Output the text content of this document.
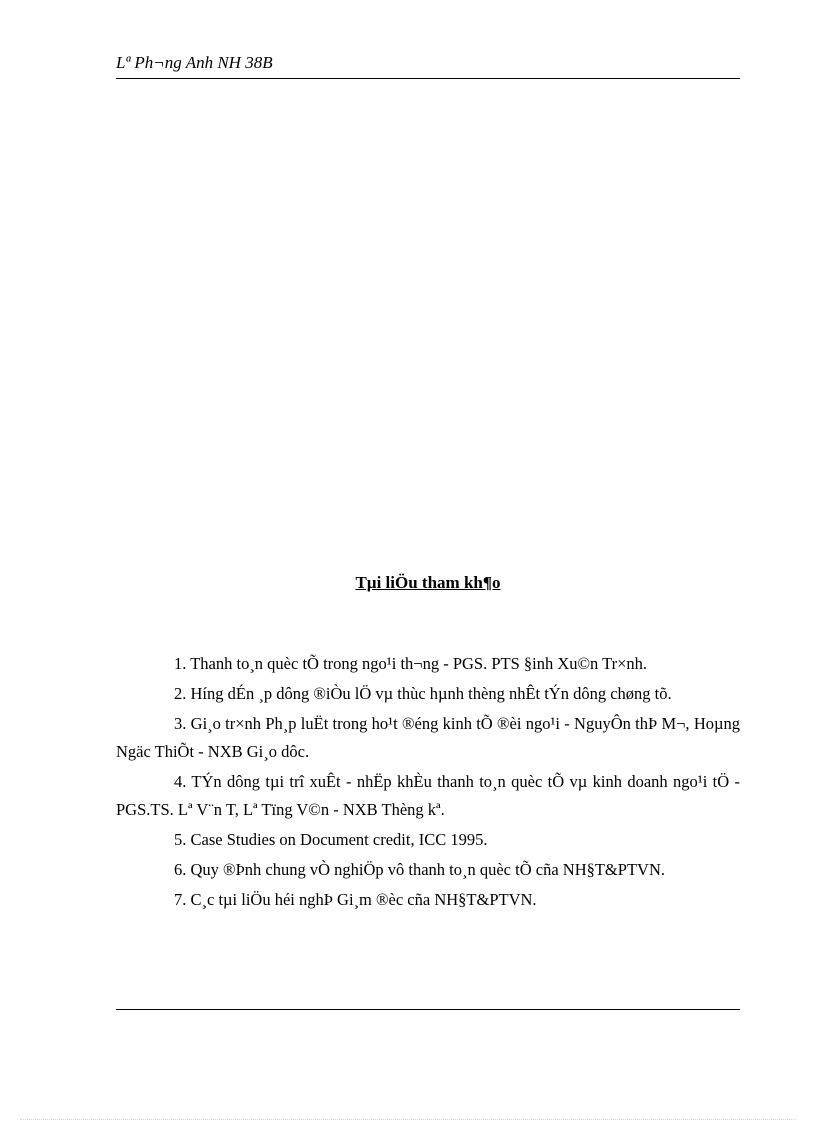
Lª Ph¬ng Anh NH 38B
Tµi liÖu tham kh¶o
1. Thanh to¸n quèc tÕ trong ngo¹i th¬ng - PGS. PTS §inh Xu©n Tr×nh.
2. Híng dÉn ¸p dông ®iÒu lÖ vµ thùc hµnh thèng nhÊt tÝn dông chøng tõ.
3. Gi¸o tr×nh Ph¸p luËt trong ho¹t ®éng kinh tÕ ®èi ngo¹i - NguyÔn thÞ M¬, Hoµng Ngäc ThiÕt - NXB Gi¸o dôc.
4. TÝn dông tµi trî xuÊt - nhËp khÈu thanh to¸n quèc tÕ vµ kinh doanh ngo¹i tÖ - PGS.TS. Lª V¨n T, Lª Tïng V©n - NXB Thèng kª.
5. Case Studies on Document credit, ICC 1995.
6. Quy ®Þnh chung vÒ nghiÖp vô thanh to¸n quèc tÕ cña NH§T&PTVN.
7. C¸c tµi liÖu héi nghÞ Gi¸m ®èc cña NH§T&PTVN.
